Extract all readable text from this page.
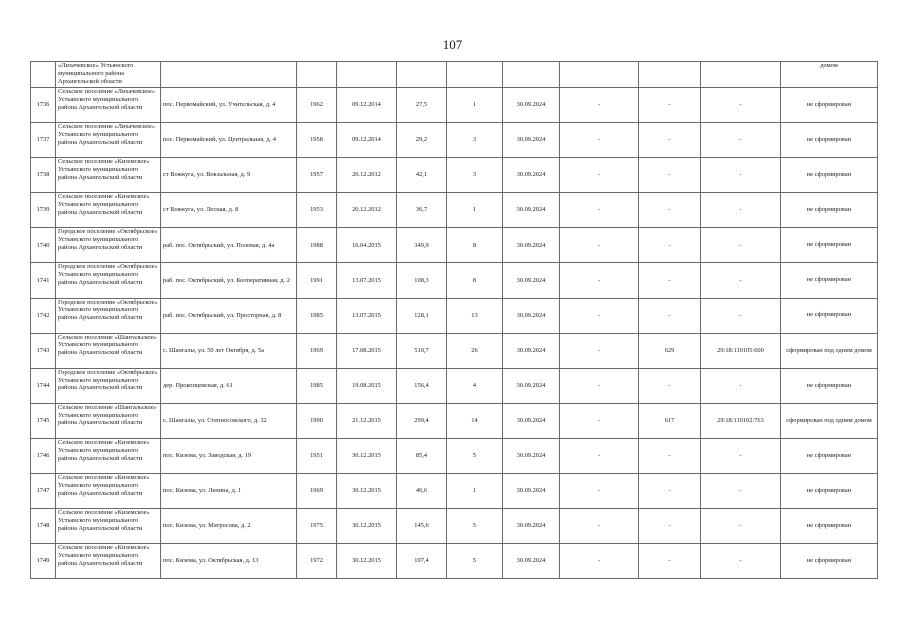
107
	«Лихачевское» Устьянского муниципального района Архангельской области										домом
1736	Сельское поселение «Лихачевское» Устьянского муниципального района Архангельской области	пос. Первомайский, ул. Учительская, д. 4	1962	09.12.2014	27,5	1	30.09.2024	-	-	-	не сформирован
1737	Сельское поселение «Лихачевское» Устьянского муниципального района Архангельской области	пос. Первомайский, ул. Центральная, д. 4	1958	09.12.2014	29,2	3	30.09.2024	-	-	-	не сформирован
1738	Сельское поселение «Киземское» Устьянского муниципального района Архангельской области	ст Вожкуга, ул. Вокзальная, д. 9	1957	20.12.2012	42,1	3	30.09.2024	-	-	-	не сформирован
1739	Сельское поселение «Киземское» Устьянского муниципального района Архангельской области	ст Вожкуга, ул. Лесная, д. 8	1953	20.12.2012	36,7	1	30.09.2024	-	-	-	не сформирован
1740	Городское поселение «Октябрьское» Устьянского муниципального района Архангельской области	раб. пос. Октябрьский, ул. Полевая, д. 4а	1988	16.04.2015	349,9	8	30.09.2024	-	-	-	не сформирован
1741	Городское поселение «Октябрьское» Устьянского муниципального района Архангельской области	раб. пос. Октябрьский, ул. Кооперативная, д. 2	1991	13.07.2015	108,3	8	30.09.2024	-	-	-	не сформирован
1742	Городское поселение «Октябрьское» Устьянского муниципального района Архангельской области	раб. пос. Октябрьский, ул. Просторная, д. 8	1985	13.07.2015	128,1	13	30.09.2024	-	-	-	не сформирован
1743	Сельское поселение «Шангальское» Устьянского муниципального района Архангельской области	с. Шангалы, ул. 50 лет Октября, д. 5а	1969	17.08.2015	510,7	26	30.09.2024	-	629	29:18:110105:600	сформирован под одним домом
1744	Городское поселение «Октябрьское» Устьянского муниципального района Архангельской области	дер. Прокопцевская, д. 61	1985	19.08.2015	156,4	4	30.09.2024	-	-	-	не сформирован
1745	Сельское поселение «Шангальское» Устьянского муниципального района Архангельской области	с. Шангалы, ул. Степносовского, д. 32	1990	21.12.2015	299,4	14	30.09.2024	-	617	29:18:110102:763	сформирован под одним домом
1746	Сельское поселение «Киземское» Устьянского муниципального района Архангельской области	пос. Кизема, ул. Заводская, д. 19	1951	30.12.2015	85,4	5	30.09.2024	-	-	-	не сформирован
1747	Сельское поселение «Киземское» Устьянского муниципального района Архангельской области	пос. Кизема, ул. Ленина, д. 1	1969	30.12.2015	46,6	1	30.09.2024	-	-	-	не сформирован
1748	Сельское поселение «Киземское» Устьянского муниципального района Архангельской области	пос. Кизема, ул. Матросова, д. 2	1975	30.12.2015	145,6	5	30.09.2024	-	-	-	не сформирован
1749	Сельское поселение «Киземское» Устьянского муниципального района Архангельской области	пос. Кизема, ул. Октябрьская, д. 13	1972	30.12.2015	107,4	5	30.09.2024	-	-	-	не сформирован
